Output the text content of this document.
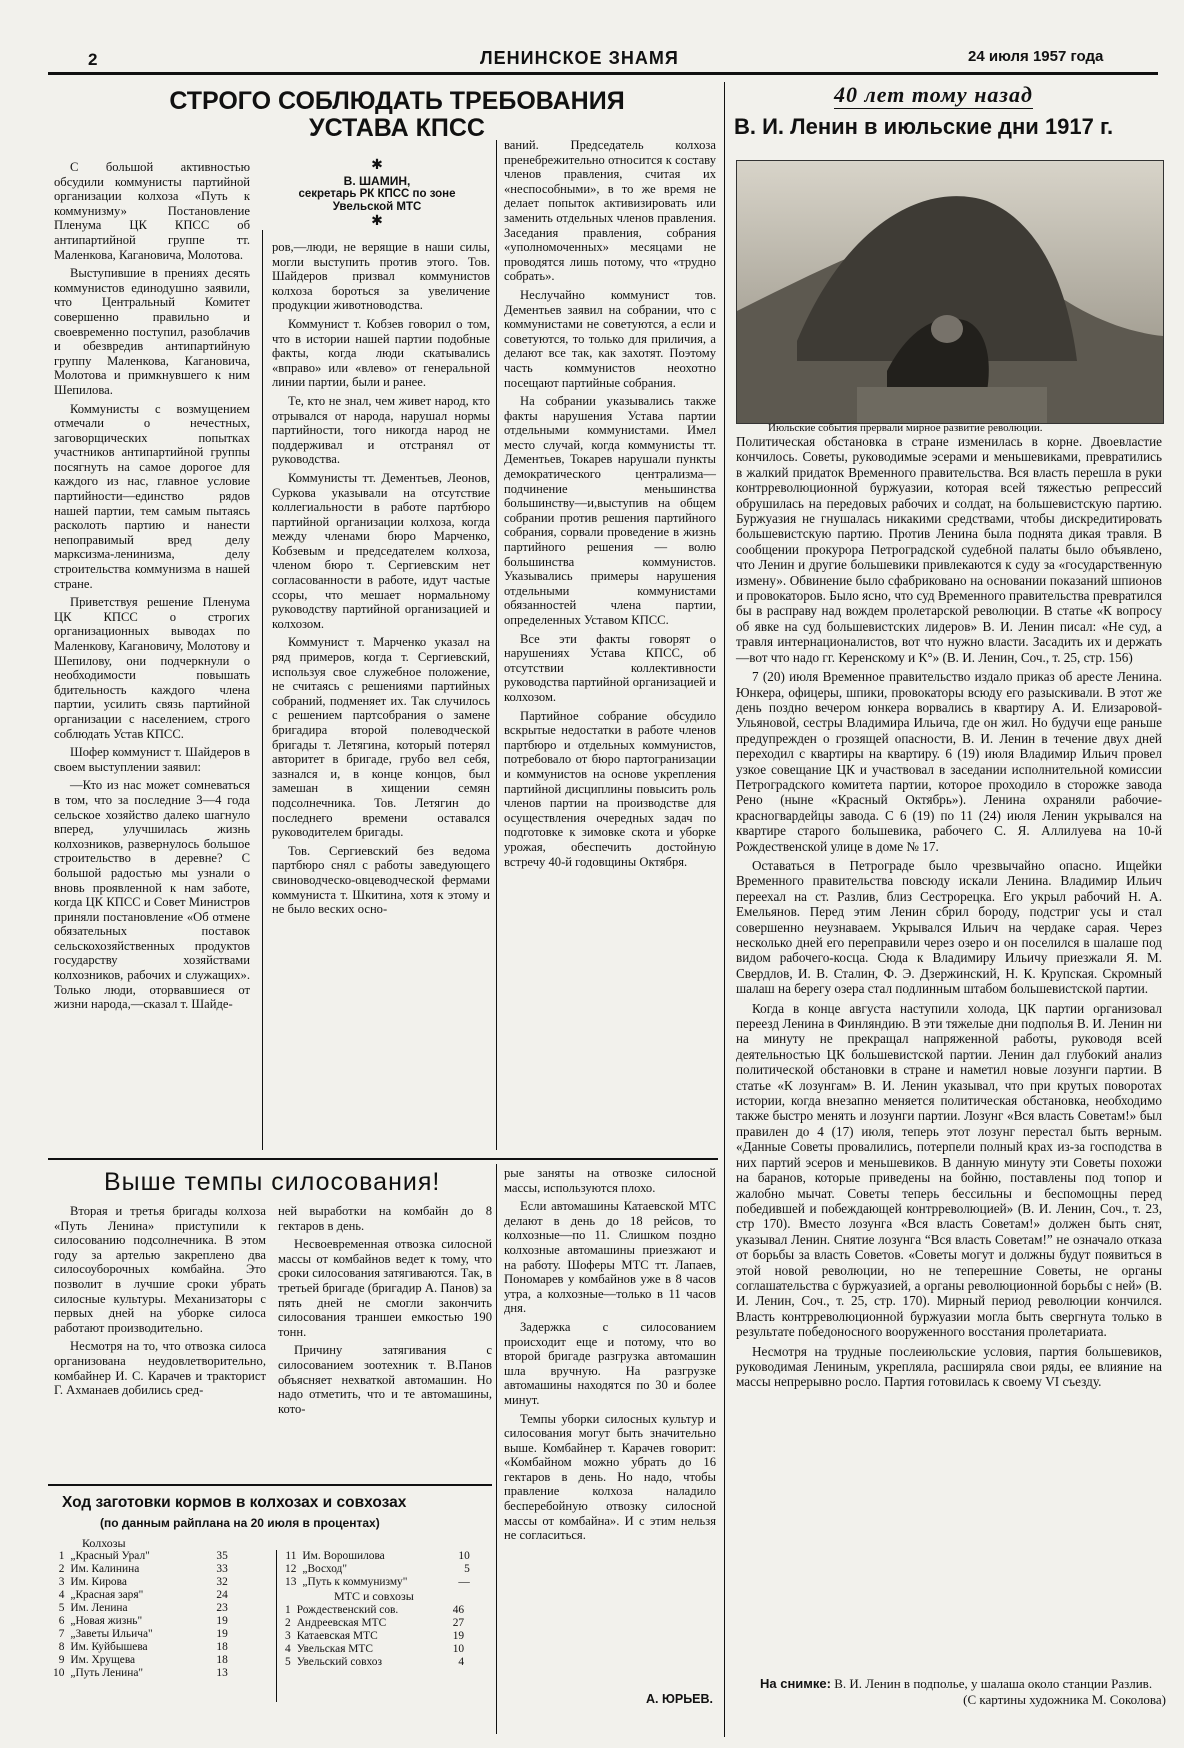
2	ЛЕНИНСКОЕ ЗНАМЯ	24 июля 1957 года
СТРОГО СОБЛЮДАТЬ ТРЕБОВАНИЯ УСТАВА КПСС

С большой активностью обсудили коммунисты партийной организации колхоза «Путь к коммунизму» Постановление Пленума ЦК КПСС об антипартийной группе тт. Маленкова, Кагановича, Молотова.

Выступившие в прениях десять коммунистов единодушно заявили, что Центральный Комитет совершенно правильно и своевременно поступил, разоблачив и обезвредив антипартийную группу Маленкова, Кагановича, Молотова и примкнувшего к ним Шепилова.

Коммунисты с возмущением отмечали о нечестных, заговорщических попытках участников антипартийной группы посягнуть на самое дорогое для каждого из нас, главное условие партийности—единство рядов нашей партии, тем самым пытаясь расколоть партию и нанести непоправимый вред делу марксизма-ленинизма, делу строительства коммунизма в нашей стране.

Приветствуя решение Пленума ЦК КПСС о строгих организационных выводах по Маленкову, Кагановичу, Молотову и Шепилову, они подчеркнули о необходимости повышать бдительность каждого члена партии, усилить связь партийной организации с населением, строго соблюдать Устав КПСС.

Шофер коммунист т. Шайдеров в своем выступлении заявил:

—Кто из нас может сомневаться в том, что за последние 3—4 года сельское хозяйство далеко шагнуло вперед, улучшилась жизнь колхозников, развернулось большое строительство в деревне? С большой радостью мы узнали о вновь проявленной к нам заботе, когда ЦК КПСС и Совет Министров приняли постановление «Об отмене обязательных поставок сельскохозяйственных продуктов государству хозяйствами колхозников, рабочих и служащих». Только люди, оторвавшиеся от жизни народа,—сказал т. Шайде-

✱
В. ШАМИН,
секретарь РК КПСС по зоне Увельской МТС
✱

ров,—люди, не верящие в наши силы, могли выступить против этого. Тов. Шайдеров призвал коммунистов колхоза бороться за увеличение продукции животноводства.

Коммунист т. Кобзев говорил о том, что в истории нашей партии подобные факты, когда люди скатывались «вправо» или «влево» от генеральной линии партии, были и ранее.

Те, кто не знал, чем живет народ, кто отрывался от народа, нарушал нормы партийности, того никогда народ не поддерживал и отстранял от руководства.

Коммунисты тт. Дементьев, Леонов, Суркова указывали на отсутствие коллегиальности в работе партбюро партийной организации колхоза, когда между членами бюро Марченко, Кобзевым и председателем колхоза, членом бюро т. Сергиевским нет согласованности в работе, идут частые ссоры, что мешает нормальному руководству партийной организацией и колхозом.

Коммунист т. Марченко указал на ряд примеров, когда т. Сергиевский, используя свое служебное положение, не считаясь с решениями партийных собраний, подменяет их. Так случилось с решением партсобрания о замене бригадира второй полеводческой бригады т. Летягина, который потерял авторитет в бригаде, грубо вел себя, зазнался и, в конце концов, был замешан в хищении семян подсолнечника. Тов. Летягин до последнего времени оставался руководителем бригады.

Тов. Сергиевский без ведома партбюро снял с работы заведующего свиноводческо-овцеводческой фермами коммуниста т. Шкитина, хотя к этому и не было веских осно-

ваний. Председатель колхоза пренебрежительно относится к составу членов правления, считая их «неспособными», в то же время не делает попыток активизировать или заменить отдельных членов правления. Заседания правления, собрания «уполномоченных» месяцами не проводятся лишь потому, что «трудно собрать».

Неслучайно коммунист тов. Дементьев заявил на собрании, что с коммунистами не советуются, а если и советуются, то только для приличия, а делают все так, как захотят. Поэтому часть коммунистов неохотно посещают партийные собрания.

На собрании указывались также факты нарушения Устава партии отдельными коммунистами. Имел место случай, когда коммунисты тт. Дементьев, Токарев нарушали пункты демократического централизма—подчинение меньшинства большинству—и,выступив на общем собрании против решения партийного собрания, сорвали проведение в жизнь партийного решения — волю большинства коммунистов. Указывались примеры нарушения отдельными коммунистами обязанностей члена партии, определенных Уставом КПСС.

Все эти факты говорят о нарушениях Устава КПСС, об отсутствии коллективности руководства партийной организацией и колхозом.

Партийное собрание обсудило вскрытые недостатки в работе членов партбюро и отдельных коммунистов, потребовало от бюро партогранизации и коммунистов на основе укрепления партийной дисциплины повысить роль членов партии на производстве для осуществления очередных задач по подготовке к зимовке скота и уборке урожая, обеспечить достойную встречу 40-й годовщины Октября.

40 лет тому назад
В. И. Ленин в июльские дни 1917 г.

Июльские события прервали мирное развитие революции.

Политическая обстановка в стране изменилась в корне. Двоевластие кончилось. Советы, руководимые эсерами и меньшевиками, превратились в жалкий придаток Временного правительства. Вся власть перешла в руки контрреволюционной буржуазии, которая всей тяжестью репрессий обрушилась на передовых рабочих и солдат, на большевистскую партию. Буржуазия не гнушалась никакими средствами, чтобы дискредитировать большевистскую партию. Против Ленина была поднята дикая травля. В сообщении прокурора Петроградской судебной палаты было объявлено, что Ленин и другие большевики привлекаются к суду за «государственную измену». Обвинение было сфабриковано на основании показаний шпионов и провокаторов. Было ясно, что суд Временного правительства превратился бы в расправу над вождем пролетарской революции. В статье «К вопросу об явке на суд большевистских лидеров» В. И. Ленин писал: «Не суд, а травля интернационалистов, вот что нужно власти. Засадить их и держать—вот что надо гг. Керенскому и К°» (В. И. Ленин, Соч., т. 25, стр. 156)

7 (20) июля Временное правительство издало приказ об аресте Ленина. Юнкера, офицеры, шпики, провокаторы всюду его разыскивали. В этот же день поздно вечером юнкера ворвались в квартиру А. И. Елизаровой-Ульяновой, сестры Владимира Ильича, где он жил. Но будучи еще раньше предупрежден о грозящей опасности, В. И. Ленин в течение двух дней переходил с квартиры на квартиру. 6 (19) июля Владимир Ильич провел узкое совещание ЦК и участвовал в заседании исполнительной комиссии Петроградского комитета партии, которое проходило в сторожке завода Рено (ныне «Красный Октябрь»). Ленина охраняли рабочие-красногвардейцы завода. С 6 (19) по 11 (24) июля Ленин укрывался на квартире старого большевика, рабочего С. Я. Аллилуева на 10-й Рождественской улице в доме № 17.

Оставаться в Петрограде было чрезвычайно опасно. Ищейки Временного правительства повсюду искали Ленина. Владимир Ильич переехал на ст. Разлив, близ Сестрорецка. Его укрыл рабочий Н. А. Емельянов. Перед этим Ленин сбрил бороду, подстриг усы и стал совершенно неузнаваем. Укрывался Ильич на чердаке сарая. Через несколько дней его переправили через озеро и он поселился в шалаше под видом рабочего-косца. Сюда к Владимиру Ильичу приезжали Я. М. Свердлов, И. В. Сталин, Ф. Э. Дзержинский, Н. К. Крупская. Скромный шалаш на берегу озера стал подлинным штабом большевистской партии.

Когда в конце августа наступили холода, ЦК партии организовал переезд Ленина в Финляндию. В эти тяжелые дни подполья В. И. Ленин ни на минуту не прекращал напряженной работы, руководя всей деятельностью ЦК большевистской партии. Ленин дал глубокий анализ политической обстановки в стране и наметил новые лозунги партии. В статье «К лозунгам» В. И. Ленин указывал, что при крутых поворотах истории, когда внезапно меняется политическая обстановка, необходимо также быстро менять и лозунги партии. Лозунг «Вся власть Советам!» был правилен до 4 (17) июля, теперь этот лозунг перестал быть верным. «Данные Советы провалились, потерпели полный крах из-за господства в них партий эсеров и меньшевиков. В данную минуту эти Советы похожи на баранов, которые приведены на бойню, поставлены под топор и жалобно мычат. Советы теперь бессильны и беспомощны перед победившей и побеждающей контрреволюцией» (В. И. Ленин, Соч., т. 23, стр 170). Вместо лозунга «Вся власть Советам!» должен быть снят, указывал Ленин. Снятие лозунга “Вся власть Советам!” не означало отказа от борьбы за власть Советов. «Советы могут и должны будут появиться в этой новой революции, но не теперешние Советы, не органы соглашательства с буржуазией, а органы революционной борьбы с ней» (В. И. Ленин, Соч., т. 25, стр. 170). Мирный период революции кончился. Власть контрреволюционной буржуазии могла быть свергнута только в результате победоносного вооруженного восстания пролетариата.

Несмотря на трудные послеиюльские условия, партия большевиков, руководимая Лениным, укрепляла, расширяла свои ряды, ее влияние на массы непрерывно росло. Партия готовилась к своему VI съезду.

На снимке: В. И. Ленин в подполье, у шалаша около станции Разлив.
(С картины художника М. Соколова)
А. ЮРЬЕВ.
Выше темпы силосования!

Вторая и третья бригады колхоза «Путь Ленина» приступили к силосованию подсолнечника. В этом году за артелью закреплено два силосоуборочных комбайна. Это позволит в лучшие сроки убрать силосные культуры. Механизаторы с первых дней на уборке силоса работают производительно.

Несмотря на то, что отвозка силоса организована неудовлетворительно, комбайнер И. С. Карачев и тракторист Г. Ахманаев добились сред-

ней выработки на комбайн до 8 гектаров в день.

Несвоевременная отвозка силосной массы от комбайнов ведет к тому, что сроки силосования затягиваются. Так, в третьей бригаде (бригадир А. Панов) за пять дней не смогли закончить силосования траншеи емкостью 190 тонн.

Причину затягивания с силосованием зоотехник т. В.Панов объясняет нехваткой автомашин. Но надо отметить, что и те автомашины, кото-

рые заняты на отвозке силосной массы, используются плохо.

Если автомашины Катаевской МТС делают в день до 18 рейсов, то колхозные—по 11. Слишком поздно колхозные автомашины приезжают и на работу. Шоферы МТС тт. Лапаев, Пономарев у комбайнов уже в 8 часов утра, а колхозные—только в 11 часов дня.

Задержка с силосованием происходит еще и потому, что во второй бригаде разгрузка автомашин шла вручную. На разгрузке автомашины находятся по 30 и более минут.

Темпы уборки силосных культур и силосования могут быть значительно выше. Комбайнер т. Карачев говорит: «Комбайном можно убрать до 16 гектаров в день. Но надо, чтобы правление колхоза наладило бесперебойную отвозку силосной массы от комбайна». И с этим нельзя не согласиться.

Ход заготовки кормов в колхозах и совхозах
(по данным райплана на 20 июля в процентах)
Колхозы
1	„Красный Урал"	35
2	Им. Калинина	33
3	Им. Кирова	32
4	„Красная заря"	24
5	Им. Ленина	23
6	„Новая жизнь"	19
7	„Заветы Ильича"	19
8	Им. Куйбышева	18
9	Им. Хрущева	18
10	„Путь Ленина"	13
11	Им. Ворошилова	10
12	„Восход"	5
13	„Путь к коммунизму"	—
МТС и совхозы
1	Рождественский сов.	46
2	Андреевская МТС	27
3	Катаевская МТС	19
4	Увельская МТС	10
5	Увельский совхоз	4
